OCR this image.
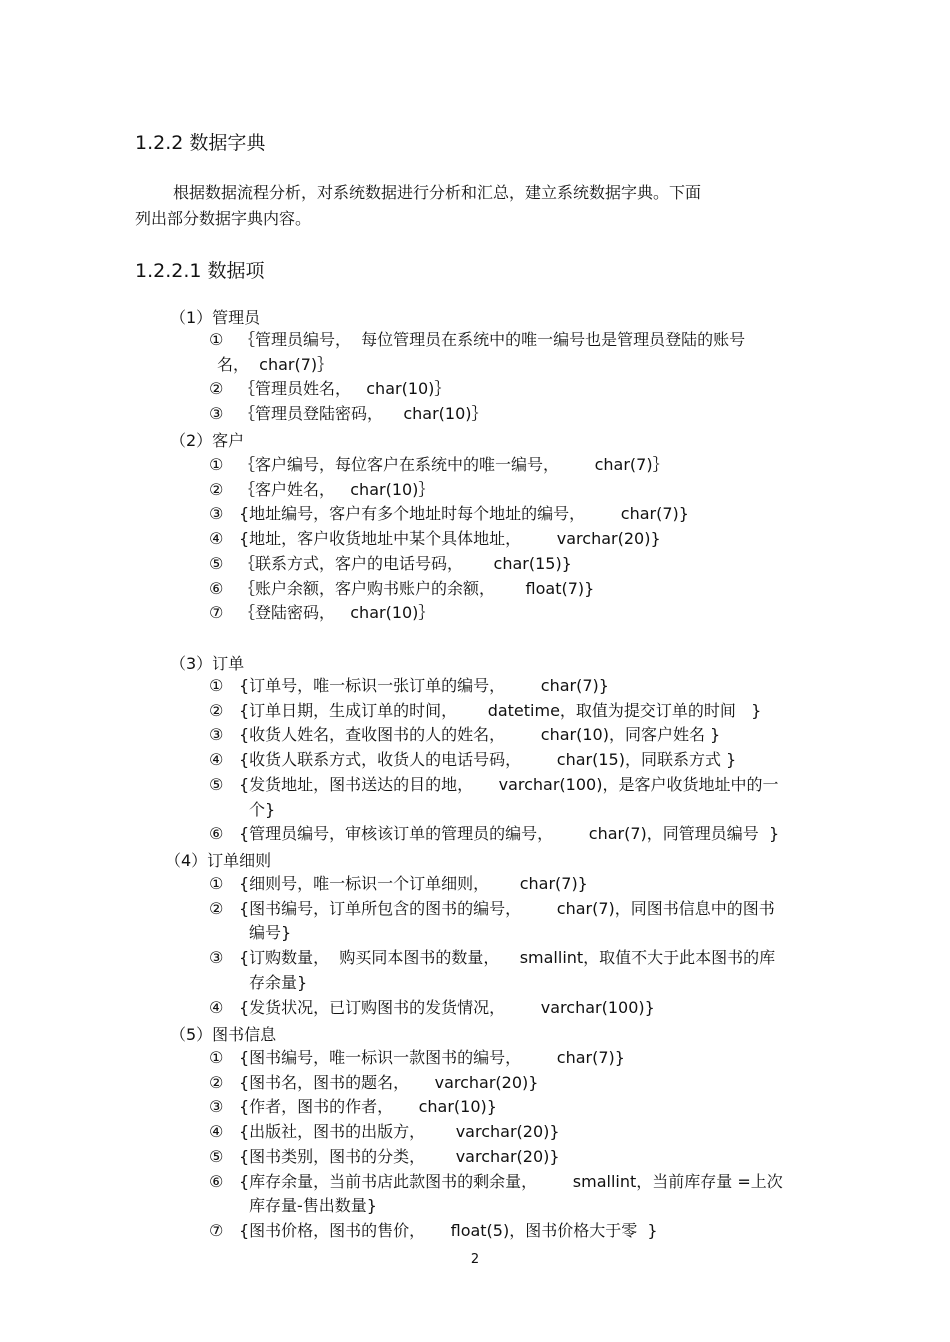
1.2.2 数据字典
根据数据流程分析，对系统数据进行分析和汇总，建立系统数据字典。下面
列出部分数据字典内容。
1.2.2.1 数据项
（1）管理员
① ｛管理员编号，  每位管理员在系统中的唯一编号也是管理员登陆的账号
名，  char(7)｝
② ｛管理员姓名，   char(10)｝
③ ｛管理员登陆密码，    char(10)｝
（2）客户
① ｛客户编号，每位客户在系统中的唯一编号，       char(7)｝
② ｛客户姓名，   char(10)｝
③ {地址编号，客户有多个地址时每个地址的编号，       char(7)}
④ {地址，客户收货地址中某个具体地址，       varchar(20)}
⑤ ｛联系方式，客户的电话号码，      char(15)}
⑥ ｛账户余额，客户购书账户的余额，      float(7)}
⑦ ｛登陆密码，   char(10)｝
（3）订单
① {订单号，唯一标识一张订单的编号，       char(7)}
② {订单日期，生成订单的时间，      datetime，取值为提交订单的时间   }
③ {收货人姓名，查收图书的人的姓名，       char(10)，同客户姓名 }
④ {收货人联系方式，收货人的电话号码，       char(15)，同联系方式 }
⑤ {发货地址，图书送达的目的地，     varchar(100)，是客户收货地址中的一
个}
⑥ {管理员编号，审核该订单的管理员的编号，       char(7)，同管理员编号  }
（4）订单细则
① {细则号，唯一标识一个订单细则，      char(7)}
② {图书编号，订单所包含的图书的编号，       char(7)，同图书信息中的图书
编号}
③ {订购数量，  购买同本图书的数量，    smallint，取值不大于此本图书的库
存余量}
④ {发货状况，已订购图书的发货情况，       varchar(100)}
（5）图书信息
① {图书编号，唯一标识一款图书的编号，       char(7)}
② {图书名，图书的题名，     varchar(20)}
③ {作者，图书的作者，     char(10)}
④ {出版社，图书的出版方，      varchar(20)}
⑤ {图书类别，图书的分类，      varchar(20)}
⑥ {库存余量，当前书店此款图书的剩余量，       smallint，当前库存量 =上次
库存量-售出数量}
⑦ {图书价格，图书的售价，     float(5)，图书价格大于零  }
2
